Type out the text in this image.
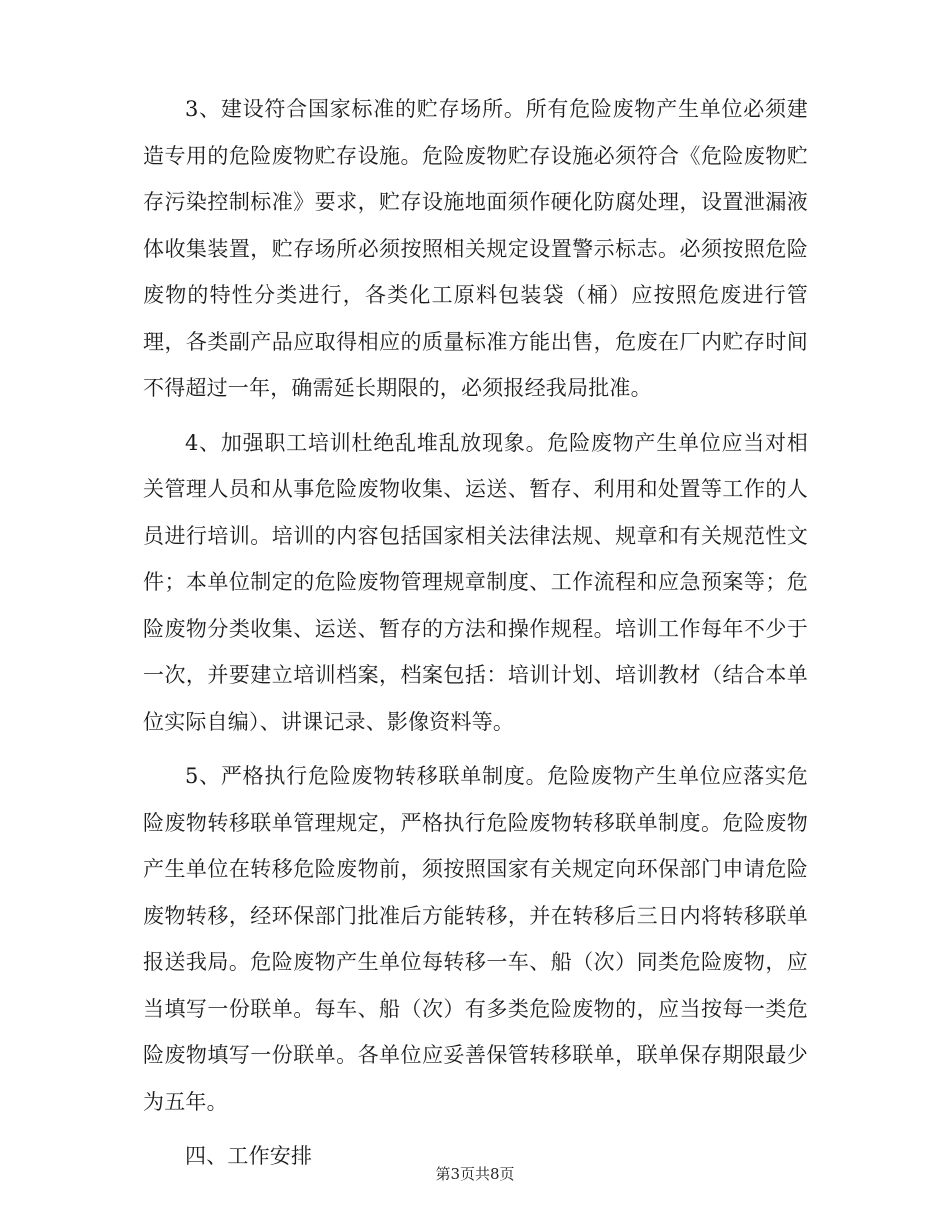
3、建设符合国家标准的贮存场所。所有危险废物产生单位必须建造专用的危险废物贮存设施。危险废物贮存设施必须符合《危险废物贮存污染控制标准》要求，贮存设施地面须作硬化防腐处理，设置泄漏液体收集装置，贮存场所必须按照相关规定设置警示标志。必须按照危险废物的特性分类进行，各类化工原料包装袋（桶）应按照危废进行管理，各类副产品应取得相应的质量标准方能出售，危废在厂内贮存时间不得超过一年，确需延长期限的，必须报经我局批准。

4、加强职工培训杜绝乱堆乱放现象。危险废物产生单位应当对相关管理人员和从事危险废物收集、运送、暂存、利用和处置等工作的人员进行培训。培训的内容包括国家相关法律法规、规章和有关规范性文件；本单位制定的危险废物管理规章制度、工作流程和应急预案等；危险废物分类收集、运送、暂存的方法和操作规程。培训工作每年不少于一次，并要建立培训档案，档案包括：培训计划、培训教材（结合本单位实际自编）、讲课记录、影像资料等。

5、严格执行危险废物转移联单制度。危险废物产生单位应落实危险废物转移联单管理规定，严格执行危险废物转移联单制度。危险废物产生单位在转移危险废物前，须按照国家有关规定向环保部门申请危险废物转移，经环保部门批准后方能转移，并在转移后三日内将转移联单报送我局。危险废物产生单位每转移一车、船（次）同类危险废物，应当填写一份联单。每车、船（次）有多类危险废物的，应当按每一类危险废物填写一份联单。各单位应妥善保管转移联单，联单保存期限最少为五年。

四、工作安排

第3页共8页
